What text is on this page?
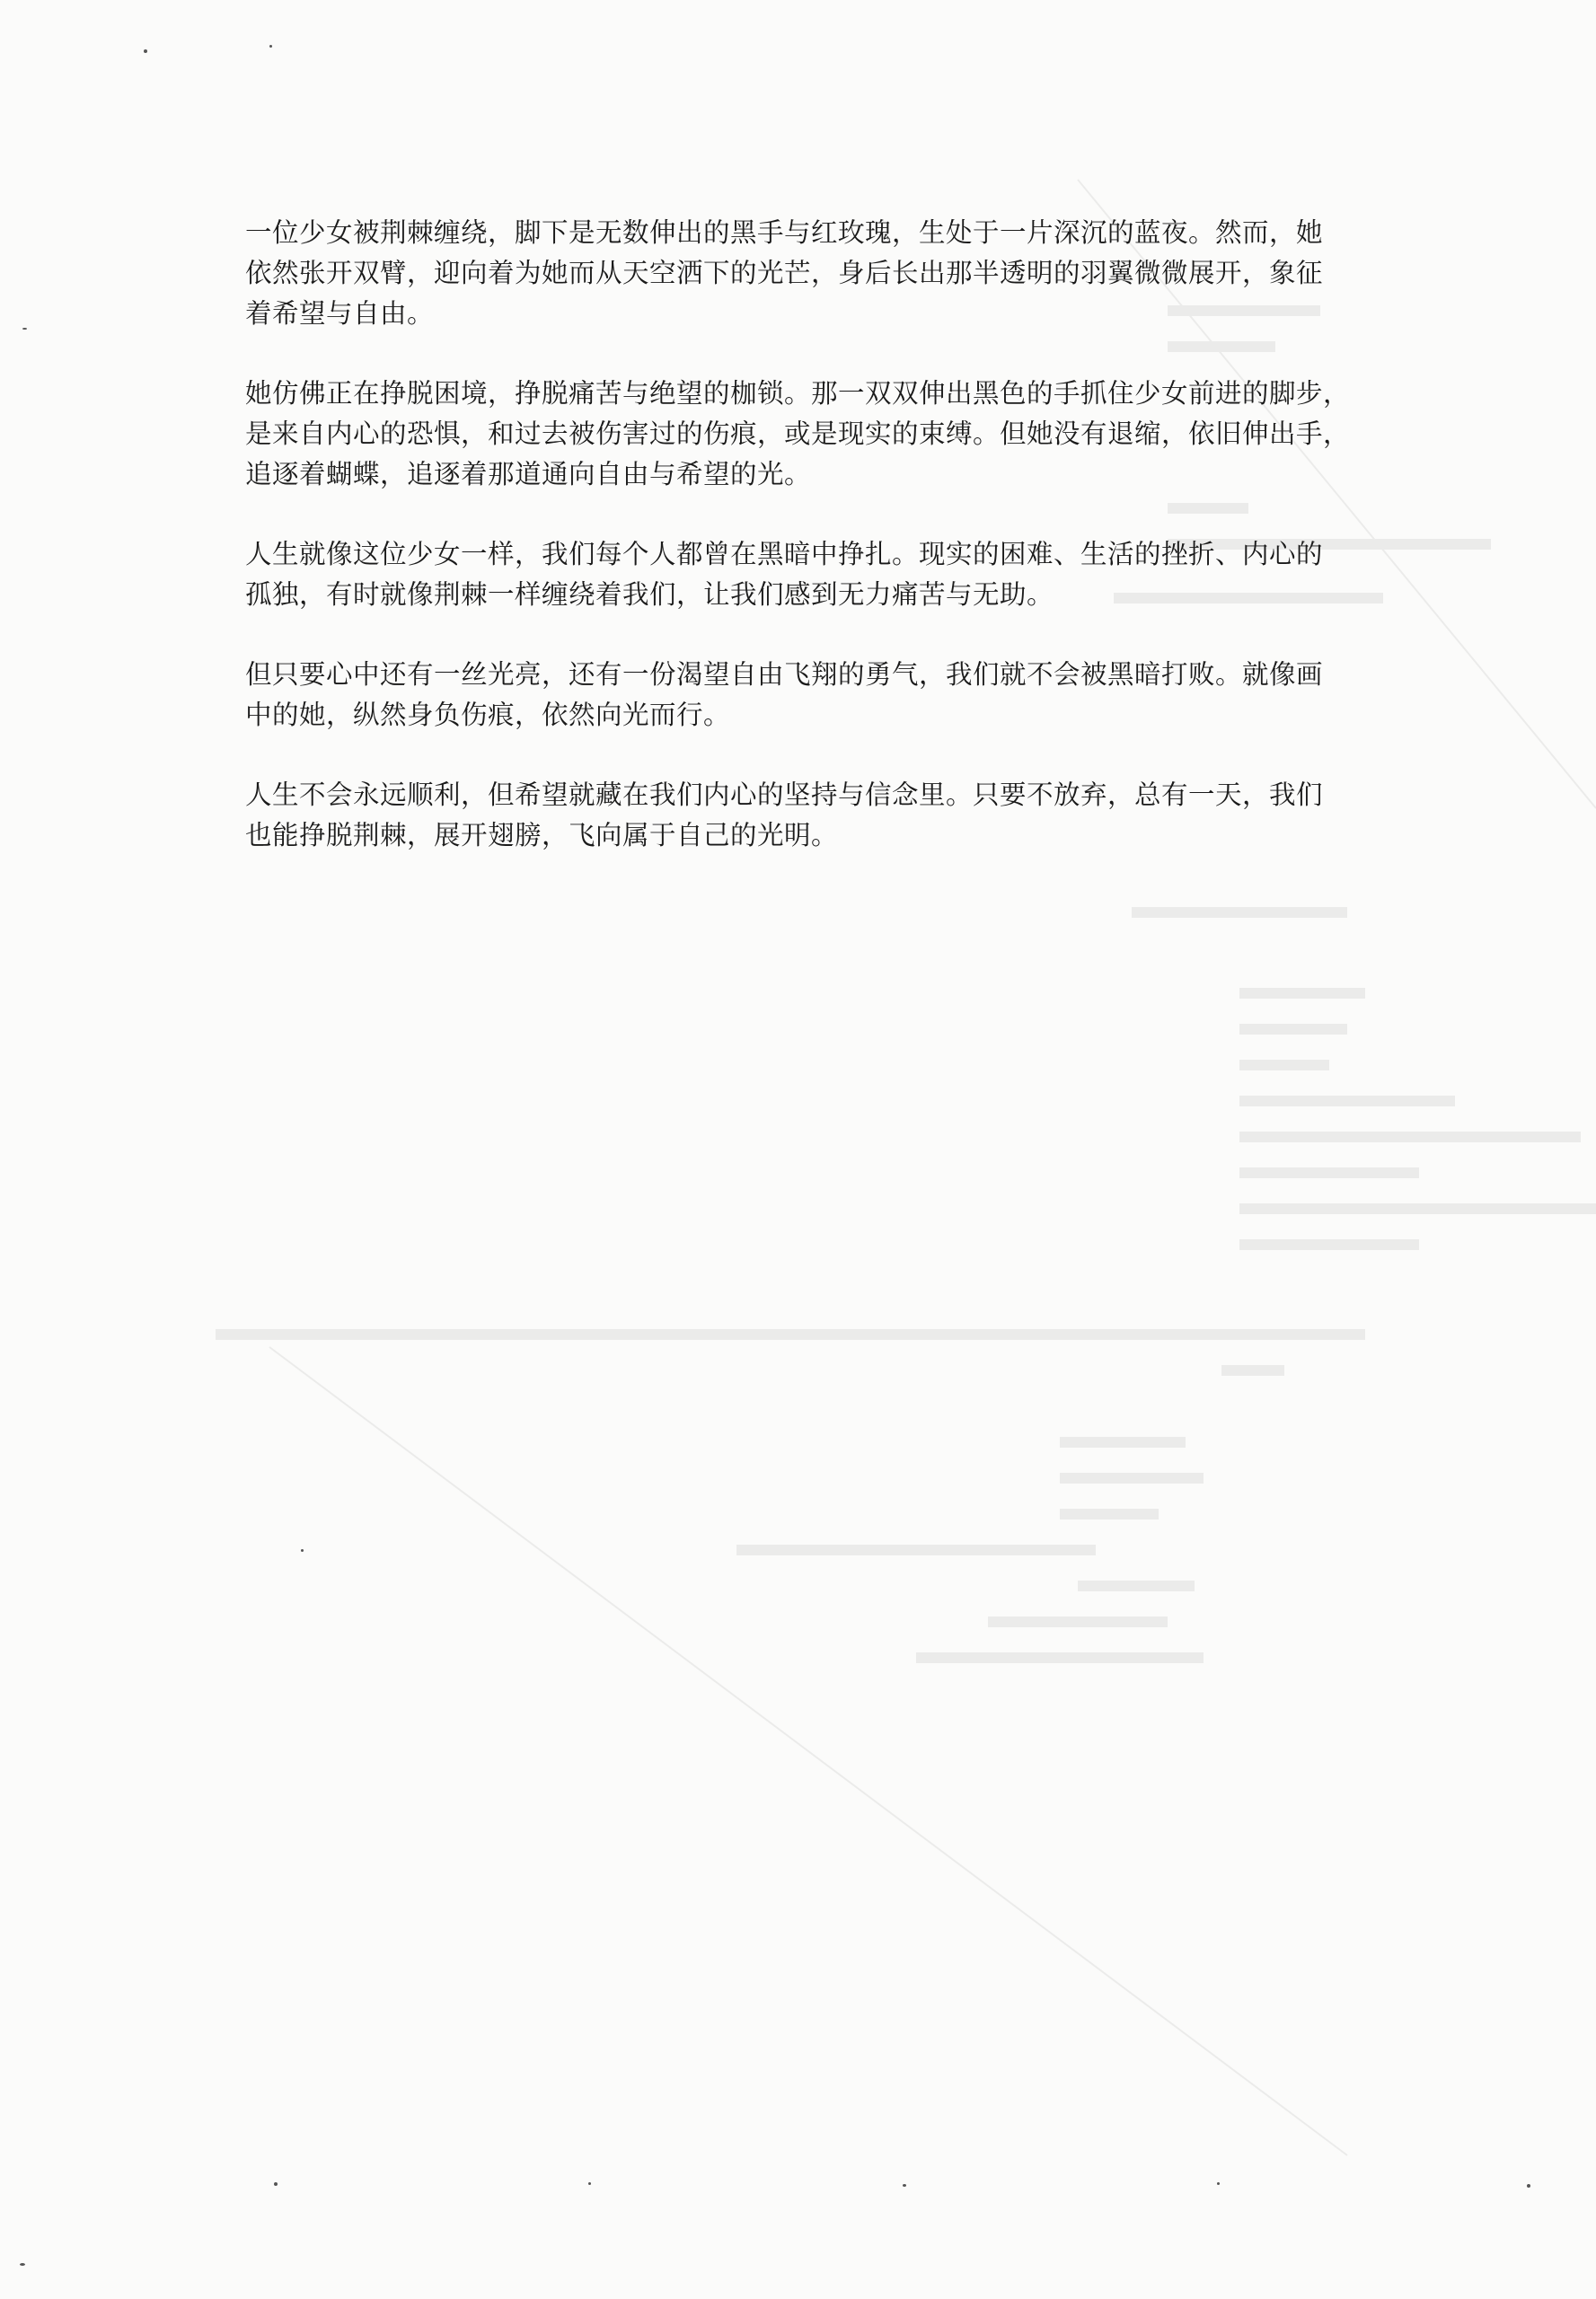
一位少女被荆棘缠绕，脚下是无数伸出的黑手与红玫瑰，生处于一片深沉的蓝夜。然而，她
依然张开双臂，迎向着为她而从天空洒下的光芒，身后长出那半透明的羽翼微微展开，象征
着希望与自由。

她仿佛正在挣脱困境，挣脱痛苦与绝望的枷锁。那一双双伸出黑色的手抓住少女前进的脚步，
是来自内心的恐惧，和过去被伤害过的伤痕，或是现实的束缚。但她没有退缩，依旧伸出手，
追逐着蝴蝶，追逐着那道通向自由与希望的光。

人生就像这位少女一样，我们每个人都曾在黑暗中挣扎。现实的困难、生活的挫折、内心的
孤独，有时就像荆棘一样缠绕着我们，让我们感到无力痛苦与无助。

但只要心中还有一丝光亮，还有一份渴望自由飞翔的勇气，我们就不会被黑暗打败。就像画
中的她，纵然身负伤痕，依然向光而行。

人生不会永远顺利，但希望就藏在我们内心的坚持与信念里。只要不放弃，总有一天，我们
也能挣脱荆棘，展开翅膀，飞向属于自己的光明。
